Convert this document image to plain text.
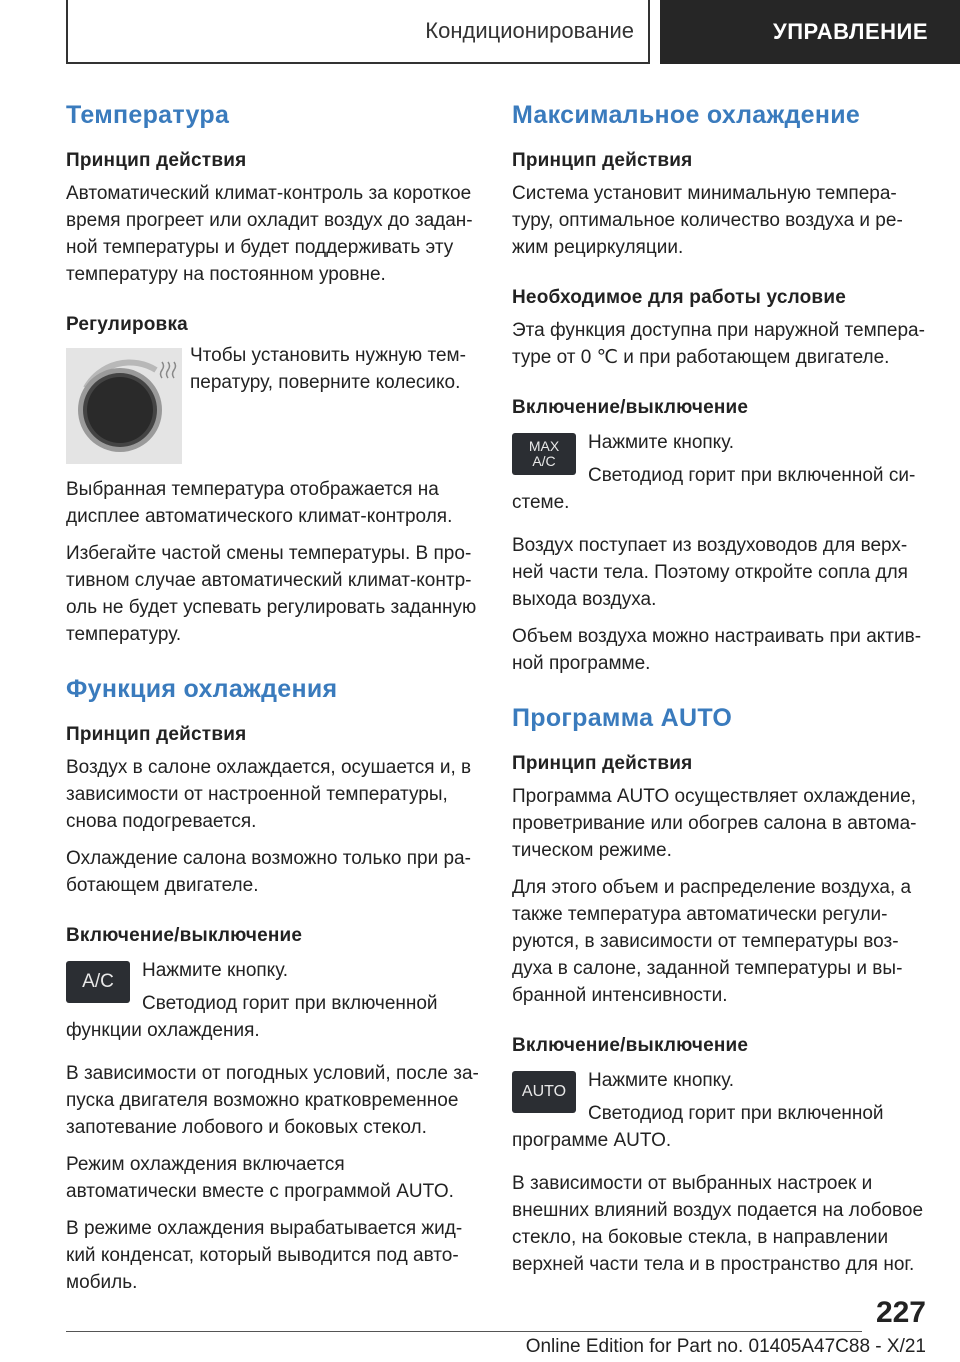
Кондиционирование	УПРАВЛЕНИЕ
Температура
Принцип действия

Автоматический климат-контроль за короткое время прогреет или охладит воздух до заданной температуры и будет поддерживать эту температуру на постоянном уровне.

Регулировка

Чтобы установить нужную температуру, поверните колесико.

Выбранная температура отображается на дисплее автоматического климат-контроля.

Избегайте частой смены температуры. В противном случае автоматический климат-контроль не будет успевать регулировать заданную температуру.

Функция охлаждения
Принцип действия

Воздух в салоне охлаждается, осушается и, в зависимости от настроенной температуры, снова подогревается.

Охлаждение салона возможно только при работающем двигателе.

Включение/выключение
A/C

Нажмите кнопку.

Светодиод горит при включенной функции охлаждения.

В зависимости от погодных условий, после запуска двигателя возможно кратковременное запотевание лобового и боковых стекол.

Режим охлаждения включается автоматически вместе с программой AUTO.

В режиме охлаждения вырабатывается жидкий конденсат, который выводится под автомобиль.

Максимальное охлаждение
Принцип действия

Система установит минимальную температуру, оптимальное количество воздуха и режим рециркуляции.

Необходимое для работы условие

Эта функция доступна при наружной температуре от 0 ℃ и при работающем двигателе.

Включение/выключение
MAX
A/C

Нажмите кнопку.

Светодиод горит при включенной системе.

Воздух поступает из воздуховодов для верхней части тела. Поэтому откройте сопла для выхода воздуха.

Объем воздуха можно настраивать при активной программе.

Программа AUTO
Принцип действия

Программа AUTO осуществляет охлаждение, проветривание или обогрев салона в автоматическом режиме.

Для этого объем и распределение воздуха, а также температура автоматически регулируются, в зависимости от температуры воздуха в салоне, заданной температуры и выбранной интенсивности.

Включение/выключение
AUTO

Нажмите кнопку.

Светодиод горит при включенной программе AUTO.

В зависимости от выбранных настроек и внешних влияний воздух подается на лобовое стекло, на боковые стекла, в направлении верхней части тела и в пространство для ног.

227
Online Edition for Part no. 01405A47C88 - X/21
